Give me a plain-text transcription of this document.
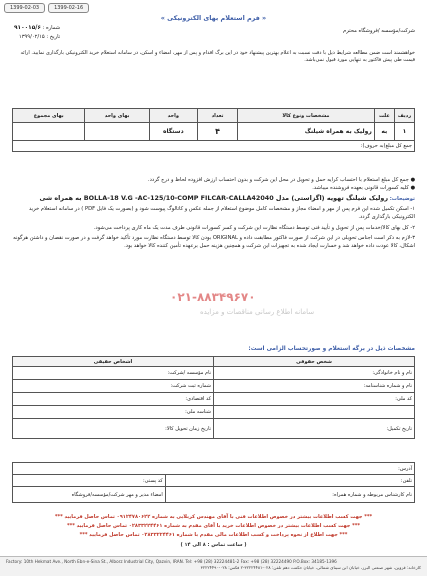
1399-02-03	1399-02-16
« فرم استعلام بهای الکترونیکی »
شرکت/مؤسسه /فروشگاه محترم
شماره : ۹۱۰۰۱۵/۶
تاریخ : ۱۳۹۹/۰۲/۱۵
خواهشمند است ضمن مطالعه شرایط ذیل با دقت نسبت به اعلام بهترین پیشنهاد خود در این برگ اقدام و پس از مهر، امضاء و اسکن، در سامانه استعلام خرید الکترونیکی بارگذاری نمایید. ارائه قیمت طی پیش فاکتور به تنهایی مورد قبول نمی‌باشد.
ردیف	علت	مشخصات ونوع کالا	تعداد	واحد	بهای واحد	بهای مجموع
۱	به	رولیک به همراه شیلنگ	۴	دستگاه		
جمع کل مبلغ(به حروف):						
● جمع کل مبلغ استعلام با احتساب کرایه حمل و تحویل در محل این شرکت و بدون احتساب ارزش افزوده لحاظ و درج گردد.
● کلیه کسورات قانونی بعهده فروشنده میباشد.
توضیحات: رولیک شیلنگ تهویه (اگزاستی) مدل BOLLA-18 V.G -AC-125/10-COMP FILCAR-CALLA42040 به همراه شی
۱- اسکن تکمیل شده این فرم پس از مهر و امضاء مجاز و مشخصات کامل موضوع استعلام از جمله عکس و کاتالوگ پیوست شود و (بصورت یک فایل PDF ) در سامانه استعلام خرید الکترونیکی بارگذاری گردد.
۲- کل بهای کالا/خدمات پس از تحویل و تأیید فنی توسط دستگاه نظارت این شرکت و کسر کسورات قانونی طرف مدت یک ماه کاری پرداخت می‌شود.
۳-لازم به ذکر است اجناس تحویلی در این شرکت از صورت فاکتور مطابقت داده و ORIGINAL بودن کالا توسط دستگاه نظارت مورد تأکید خواهد گرفت و در صورت نقصان و داشتن هرگونه اشکال، کالا عودت داده خواهد شد و خسارت ایجاد شده به تجهیزات این شرکت و همچنین هزینه حمل برعهده تأمین کننده کالا خواهد بود.
۰۲۱-۸۸۳۴۹۶۷۰
سامانه اطلاع رسانی مناقصات و مزایده
مشخصات ذیل در برگه استعلام و صورتحساب الزامی است:
شخص حقوقی	اشخاص حقیقی
نام و نام خانوادگی:	نام مؤسسه /شرکت:
نام و شماره شناسنامه:	شماره ثبت شرکت:
کد ملی:	کد اقتصادی:
	شناسه ملی:
تاریخ تکمیل:	تاریخ زمان تحویل کالا:
آدرس:	
تلفن:	کد پستی:
نام کارشناس مربوطه و شماره همراه:	امضاء مدیر و مهر شرکت/مؤسسه/فروشگاه
*** جهت کسب اطلاعات بیشتر در خصوص اطلاعات فنی با آقای مهندس کربلایی به شماره ۰۹۱۲۴۷۸۰۶۲۲ تماس حاصل فرمایید ***
*** جهت کسب اطلاعات بیشتر در خصوص اطلاعات خرید با آقای مقدم به شماره ۰۲۸۳۳۲۲۴۴۶۱ تماس حاصل فرمایید ***
*** جهت اطلاع از نحوه پرداخت و کسب اطلاعات مالی مقدم با شماره ۰۲۸۳۳۲۲۴۴۶۱ تماس حاصل فرمایید ***
( ساعت تماس : ۸ الی ۱۴ )
Factory: 10th Hekmat Ave., North Ebn-e-Sina St., Alborz Industrial City, Qazvin, IRAN. Tel: +98 (28) 32224481-2 Fax: +98 (28) 32224490 P.O.Box: 34185-1396
کارخانه: قزوین، شهر صنعتی البرز، خیابان ابن سینای شمالی، خیابان حکمت دهم تلفن: ۰۲۸-۳۲۲۲۴۴۸۱-۲ فکس: ۰۲۸-۳۲۲۲۴۴۹۰
